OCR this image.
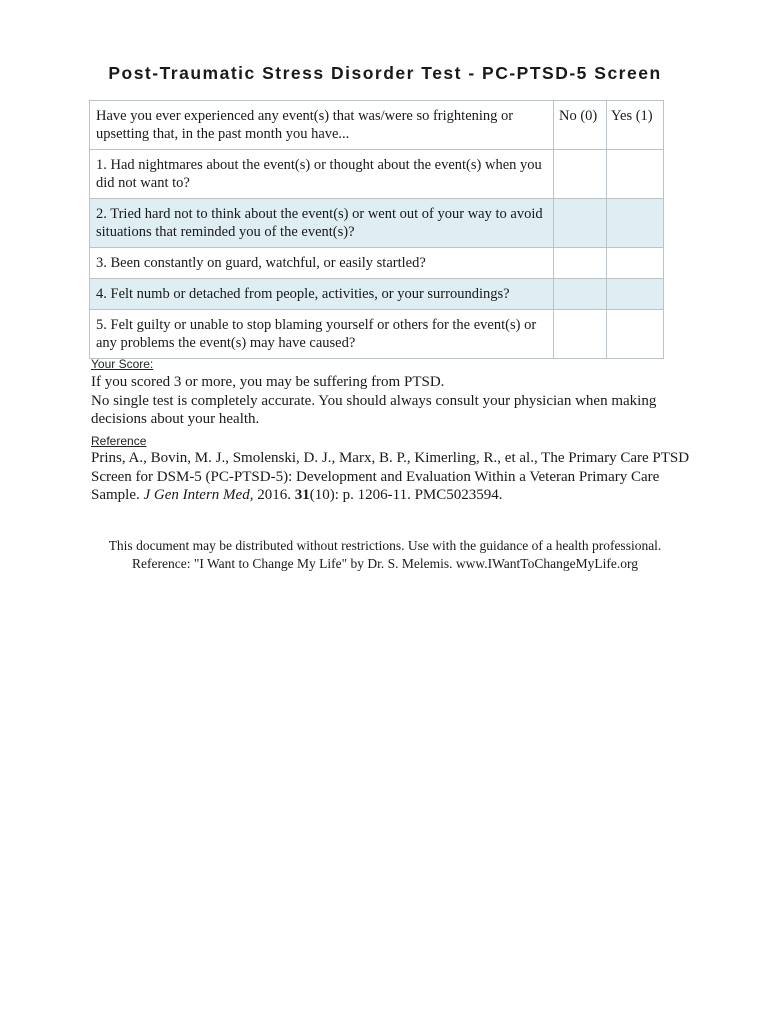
Post-Traumatic Stress Disorder Test - PC-PTSD-5 Screen
Have you ever experienced any event(s) that was/were so frightening or upsetting that, in the past month you have...	No (0)	Yes (1)
1. Had nightmares about the event(s) or thought about the event(s) when you did not want to?		
2. Tried hard not to think about the event(s) or went out of your way to avoid situations that reminded you of the event(s)?		
3. Been constantly on guard, watchful, or easily startled?		
4. Felt numb or detached from people, activities, or your surroundings?		
5. Felt guilty or unable to stop blaming yourself or others for the event(s) or any problems the event(s) may have caused?		
Your Score:
If you scored 3 or more, you may be suffering from PTSD.
No single test is completely accurate. You should always consult your physician when making decisions about your health.
Reference
Prins, A., Bovin, M. J., Smolenski, D. J., Marx, B. P., Kimerling, R., et al., The Primary Care PTSD Screen for DSM-5 (PC-PTSD-5): Development and Evaluation Within a Veteran Primary Care Sample. J Gen Intern Med, 2016. 31(10): p. 1206-11. PMC5023594.
This document may be distributed without restrictions. Use with the guidance of a health professional.
Reference: "I Want to Change My Life" by Dr. S. Melemis. www.IWantToChangeMyLife.org
